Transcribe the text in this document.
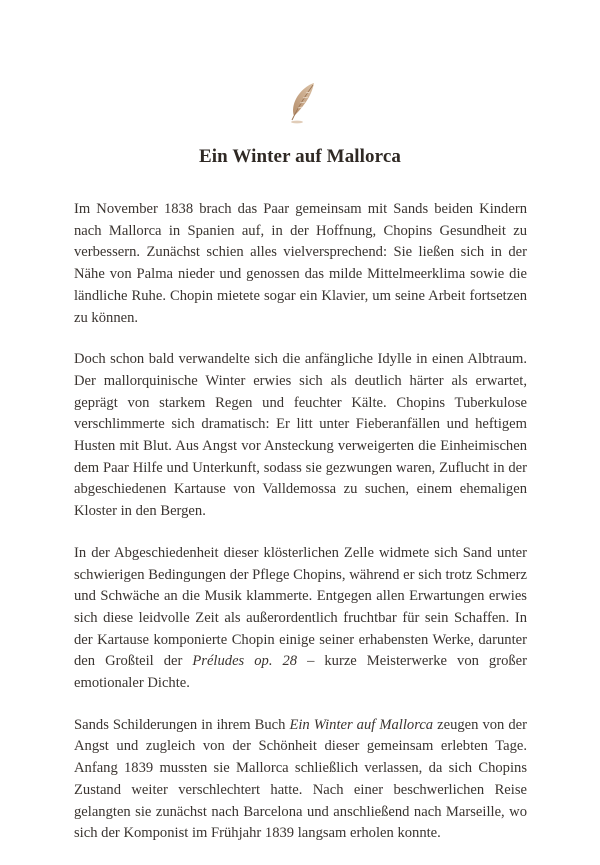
Ein Winter auf Mallorca

Im November 1838 brach das Paar gemeinsam mit Sands beiden Kindern nach Mallorca in Spanien auf, in der Hoffnung, Chopins Gesundheit zu verbessern. Zunächst schien alles vielversprechend: Sie ließen sich in der Nähe von Palma nieder und genossen das milde Mittelmeerklima sowie die ländliche Ruhe. Chopin mietete sogar ein Klavier, um seine Arbeit fortsetzen zu können.

Doch schon bald verwandelte sich die anfängliche Idylle in einen Albtraum. Der mallorquinische Winter erwies sich als deutlich härter als erwartet, geprägt von starkem Regen und feuchter Kälte. Chopins Tuberkulose verschlimmerte sich dramatisch: Er litt unter Fieberanfällen und heftigem Husten mit Blut. Aus Angst vor Ansteckung verweigerten die Einheimischen dem Paar Hilfe und Unterkunft, sodass sie gezwungen waren, Zuflucht in der abgeschiedenen Kartause von Valldemossa zu suchen, einem ehemaligen Kloster in den Bergen.

In der Abgeschiedenheit dieser klösterlichen Zelle widmete sich Sand unter schwierigen Bedingungen der Pflege Chopins, während er sich trotz Schmerz und Schwäche an die Musik klammerte. Entgegen allen Erwartungen erwies sich diese leidvolle Zeit als außerordentlich fruchtbar für sein Schaffen. In der Kartause komponierte Chopin einige seiner erhabensten Werke, darunter den Großteil der Préludes op. 28 – kurze Meisterwerke von großer emotionaler Dichte.

Sands Schilderungen in ihrem Buch Ein Winter auf Mallorca zeugen von der Angst und zugleich von der Schönheit dieser gemeinsam erlebten Tage. Anfang 1839 mussten sie Mallorca schließlich verlassen, da sich Chopins Zustand weiter verschlechtert hatte. Nach einer beschwerlichen Reise gelangten sie zunächst nach Barcelona und anschließend nach Marseille, wo sich der Komponist im Frühjahr 1839 langsam erholen konnte.
